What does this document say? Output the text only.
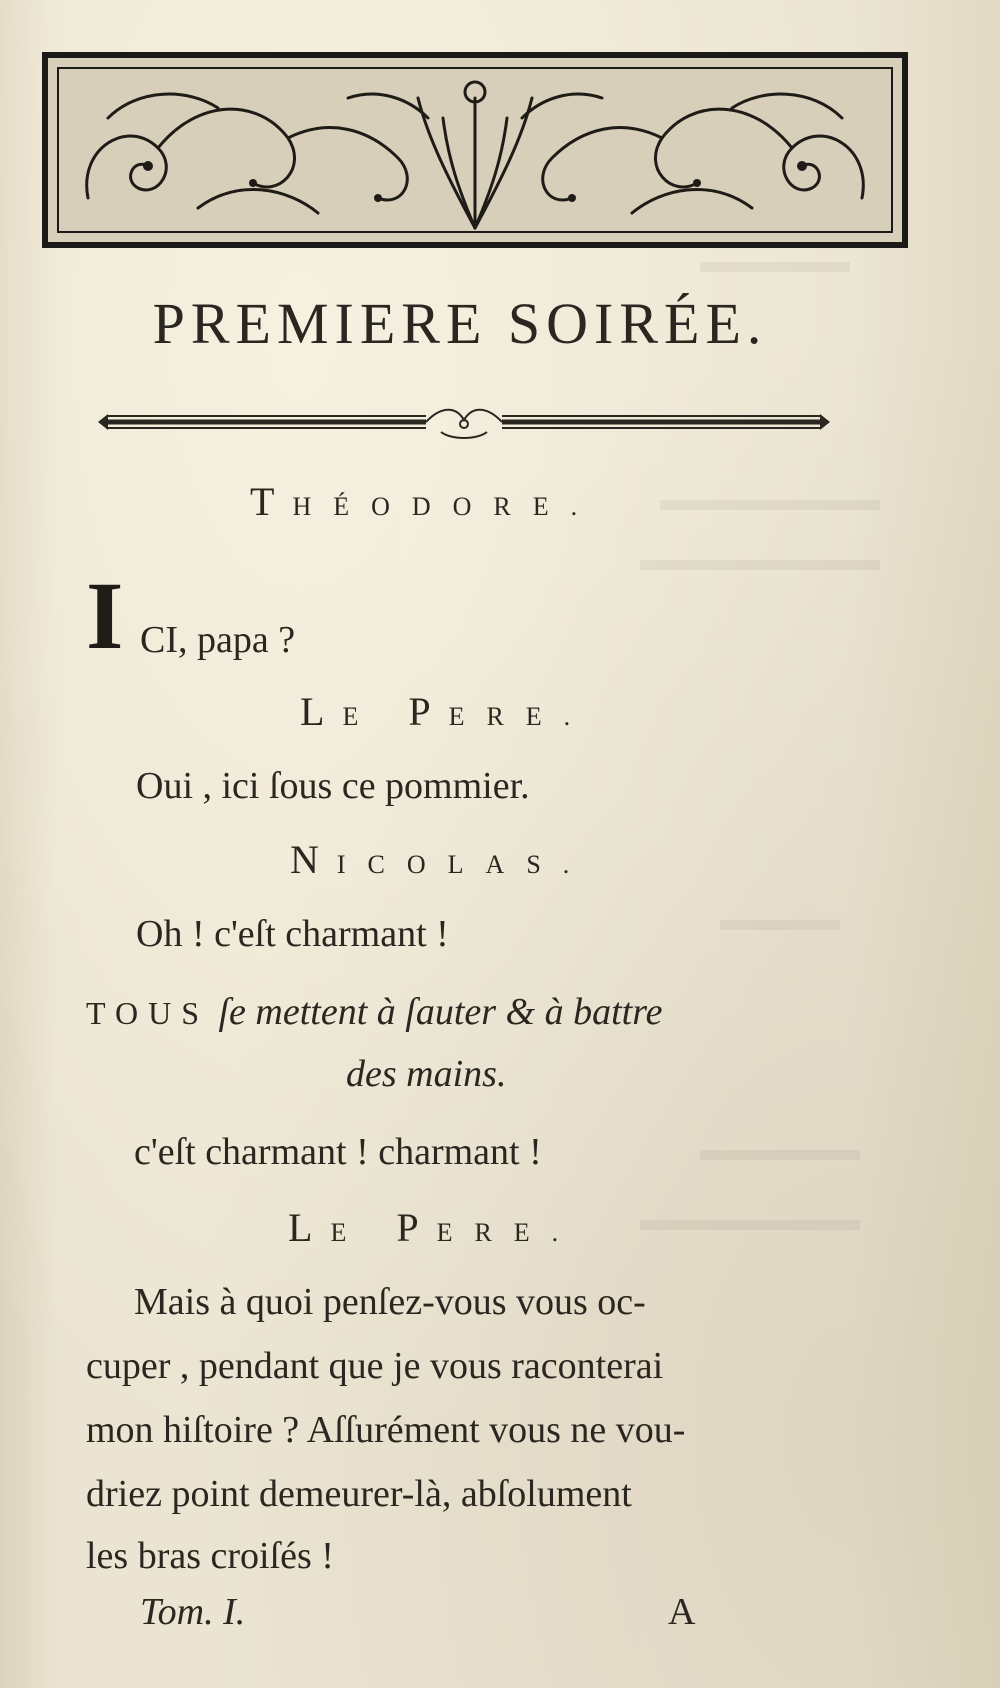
PREMIERE SOIRÉE.
THÉODORE.
I CI, papa ?
LE PERE.
Oui , ici ſous ce pommier.
NICOLAS.
Oh ! c'eſt charmant !
TOUS ſe mettent à ſauter & à battre
des mains.
c'eſt charmant ! charmant !
LE PERE.
Mais à quoi penſez-vous vous oc-
cuper , pendant que je vous raconterai
mon hiſtoire ? Aſſurément vous ne vou-
driez point demeurer-là, abſolument
les bras croiſés !
Tom. I.	A
